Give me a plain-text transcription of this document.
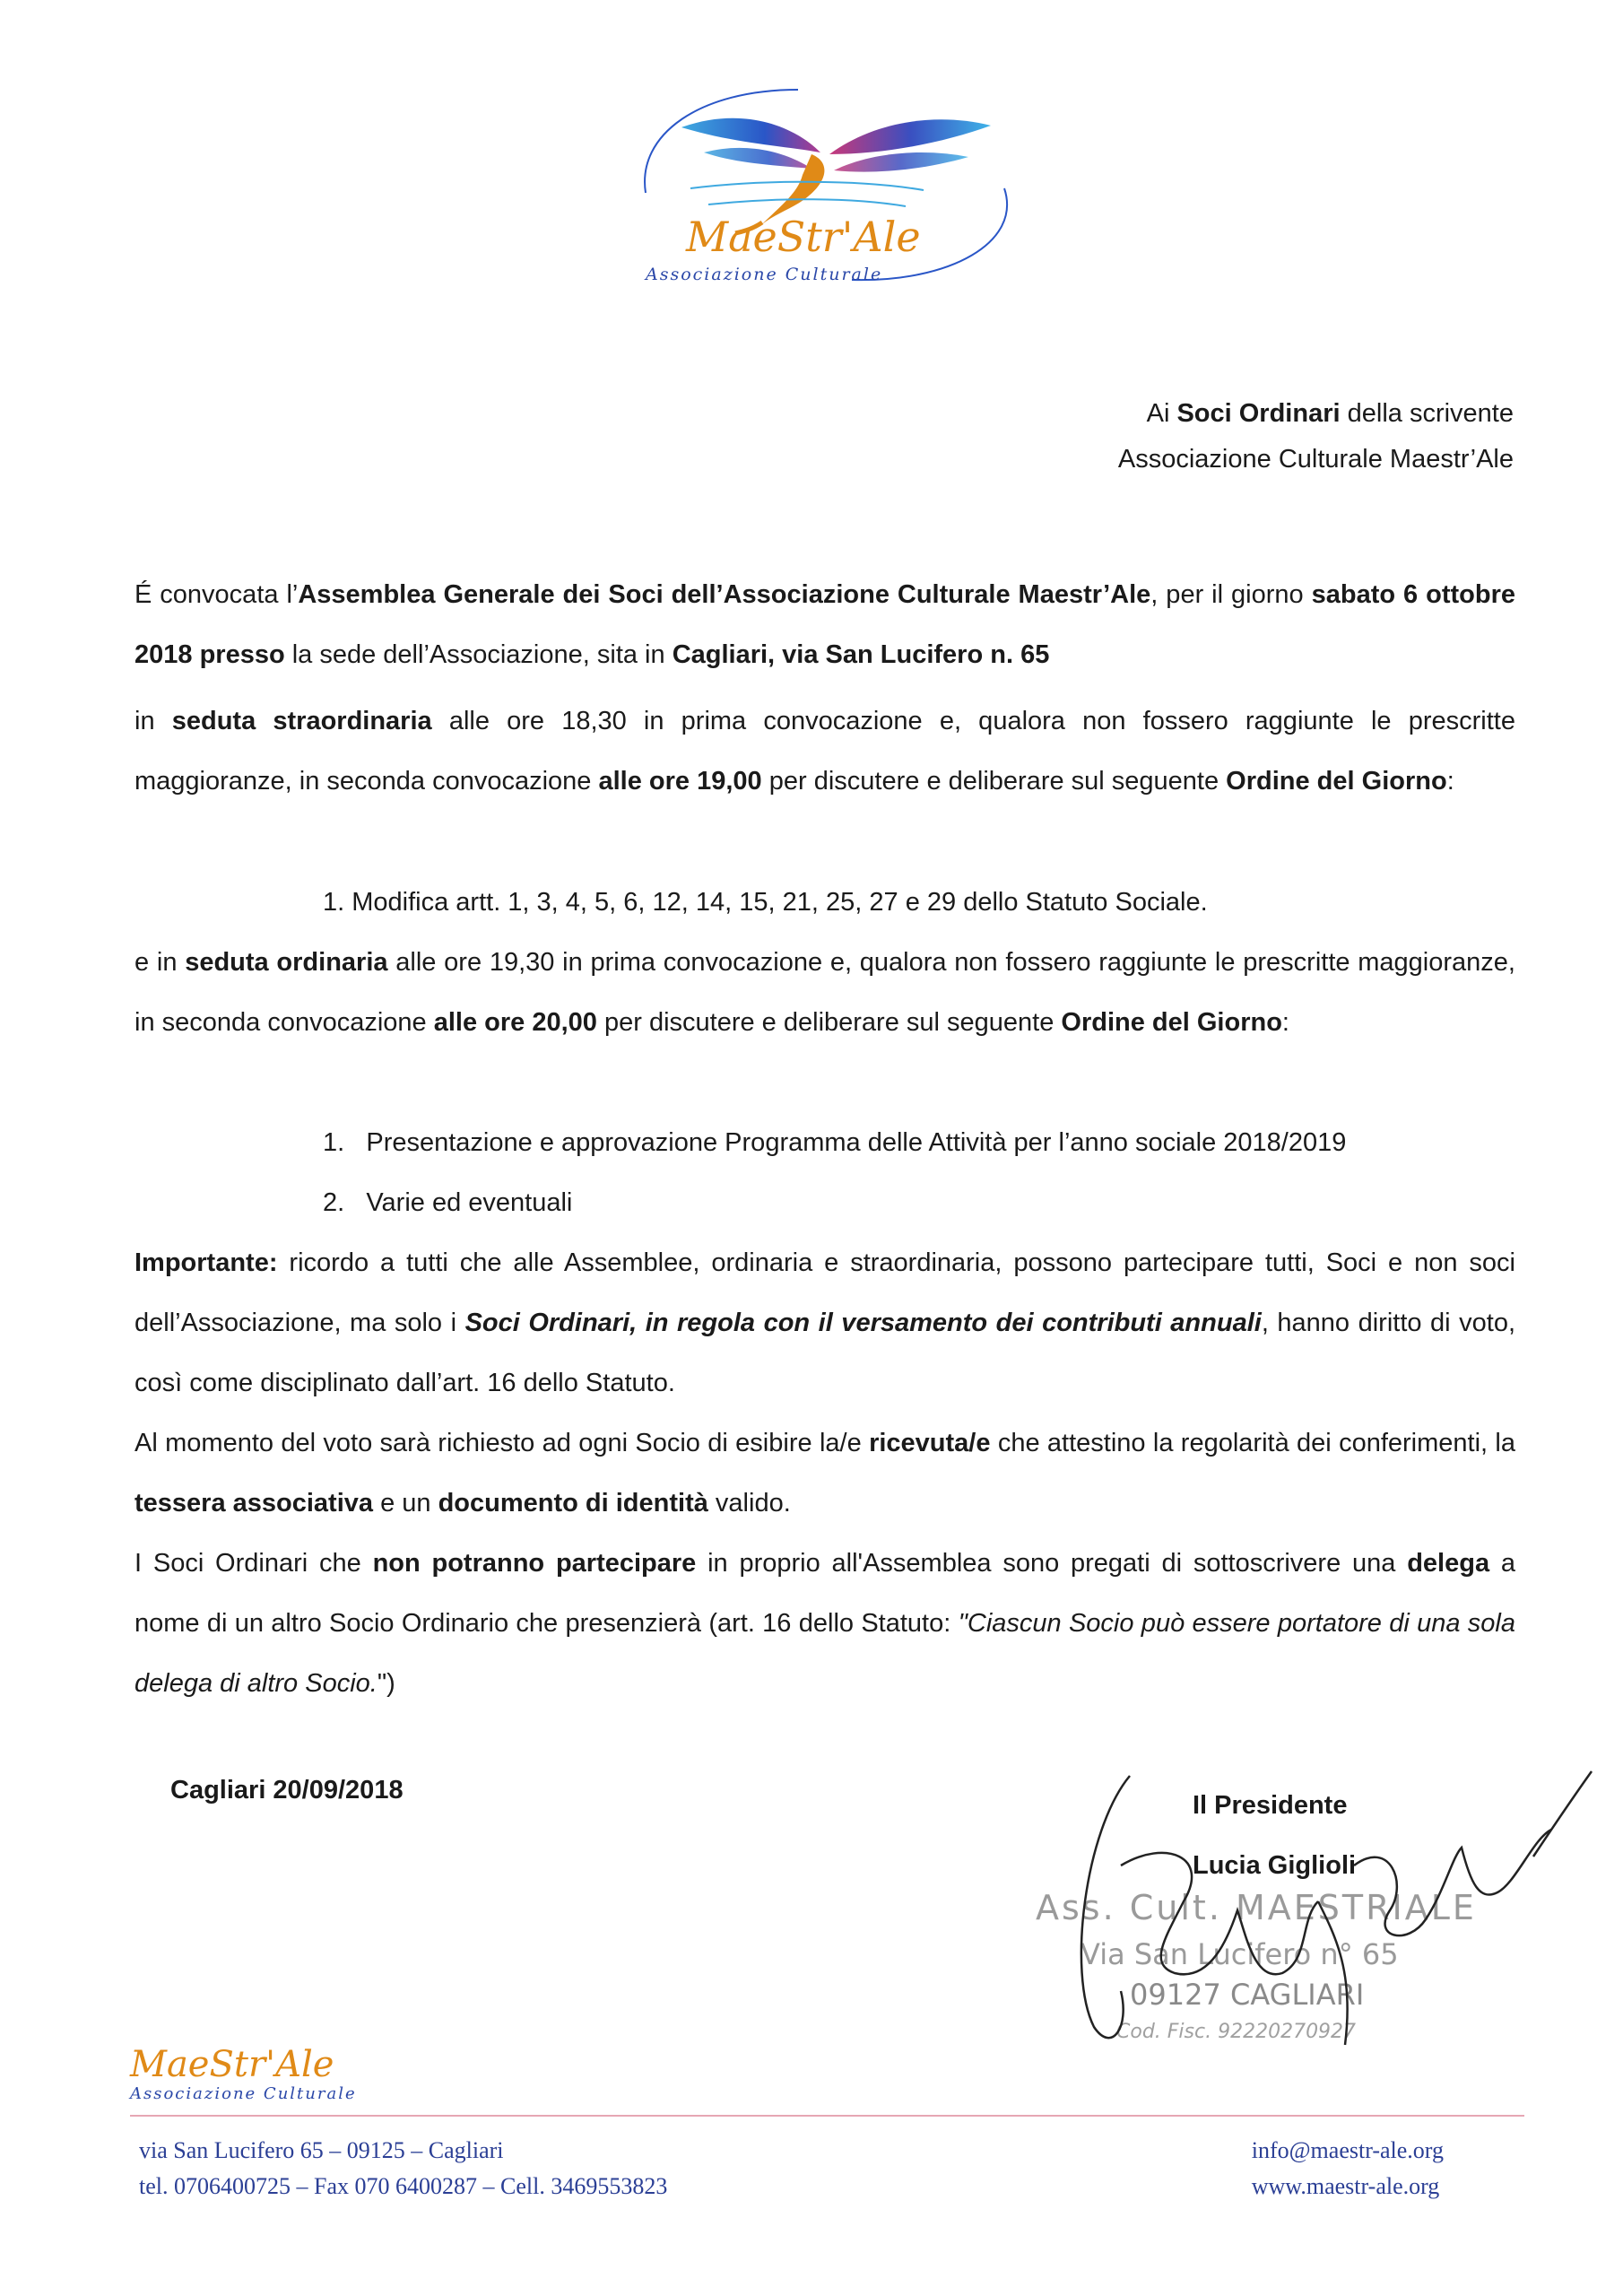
MaeStr'Ale
Associazione Culturale
Ai Soci Ordinari della scrivente
Associazione Culturale Maestr’Ale

É convocata l’Assemblea Generale dei Soci dell’Associazione Culturale Maestr’Ale, per il giorno sabato 6 ottobre 2018 presso la sede dell’Associazione, sita in Cagliari, via San Lucifero n. 65

in seduta straordinaria alle ore 18,30 in prima convocazione e, qualora non fossero raggiunte le prescritte maggioranze, in seconda convocazione alle ore 19,00 per discutere e deliberare sul seguente Ordine del Giorno:

1. Modifica artt. 1, 3, 4, 5, 6, 12, 14, 15, 21, 25, 27 e 29 dello Statuto Sociale.

e in seduta ordinaria alle ore 19,30 in prima convocazione e, qualora non fossero raggiunte le prescritte maggioranze, in seconda convocazione alle ore 20,00 per discutere e deliberare sul seguente Ordine del Giorno:

1. Presentazione e approvazione Programma delle Attività per l’anno sociale 2018/2019
2. Varie ed eventuali

Importante: ricordo a tutti che alle Assemblee, ordinaria e straordinaria, possono partecipare tutti, Soci e non soci dell’Associazione, ma solo i Soci Ordinari, in regola con il versamento dei contributi annuali, hanno diritto di voto, così come disciplinato dall’art. 16 dello Statuto.

Al momento del voto sarà richiesto ad ogni Socio di esibire la/e ricevuta/e che attestino la regolarità dei conferimenti, la tessera associativa e un documento di identità valido.

I Soci Ordinari che non potranno partecipare in proprio all'Assemblea sono pregati di sottoscrivere una delega a nome di un altro Socio Ordinario che presenzierà (art. 16 dello Statuto: "Ciascun Socio può essere portatore di una sola delega di altro Socio.")

Cagliari 20/09/2018
Il Presidente
Lucia Giglioli
Ass. Cult. MAESTRIALE
Via San Lucifero n° 65
09127 CAGLIARI
Cod. Fisc. 92220270927
MaeStr'Ale
Associazione Culturale
via San Lucifero 65 – 09125 – Cagliari
tel. 0706400725 – Fax 070 6400287 – Cell. 3469553823
info@maestr-ale.org
www.maestr-ale.org
